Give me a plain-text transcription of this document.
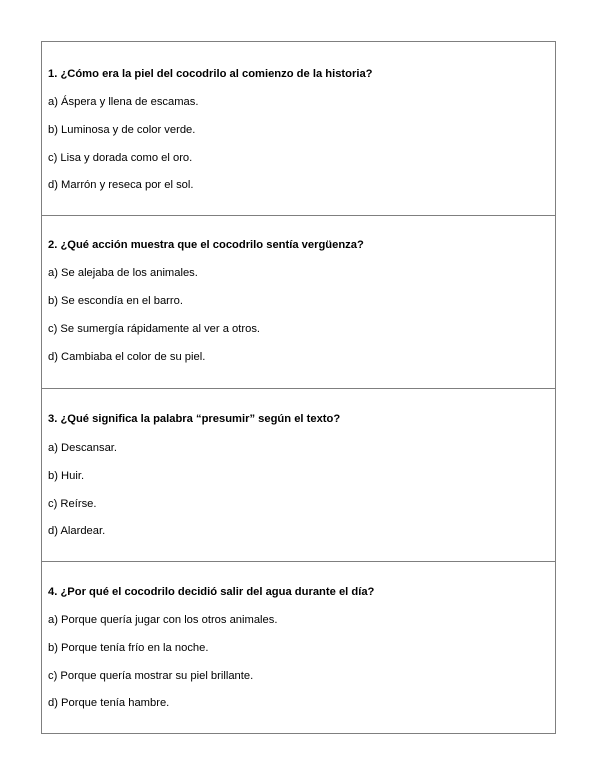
1. ¿Cómo era la piel del cocodrilo al comienzo de la historia?
a) Áspera y llena de escamas.
b) Luminosa y de color verde.
c) Lisa y dorada como el oro.
d) Marrón y reseca por el sol.
2. ¿Qué acción muestra que el cocodrilo sentía vergüenza?
a) Se alejaba de los animales.
b) Se escondía en el barro.
c) Se sumergía rápidamente al ver a otros.
d) Cambiaba el color de su piel.
3. ¿Qué significa la palabra “presumir” según el texto?
a) Descansar.
b) Huir.
c) Reírse.
d) Alardear.
4. ¿Por qué el cocodrilo decidió salir del agua durante el día?
a) Porque quería jugar con los otros animales.
b) Porque tenía frío en la noche.
c) Porque quería mostrar su piel brillante.
d) Porque tenía hambre.
